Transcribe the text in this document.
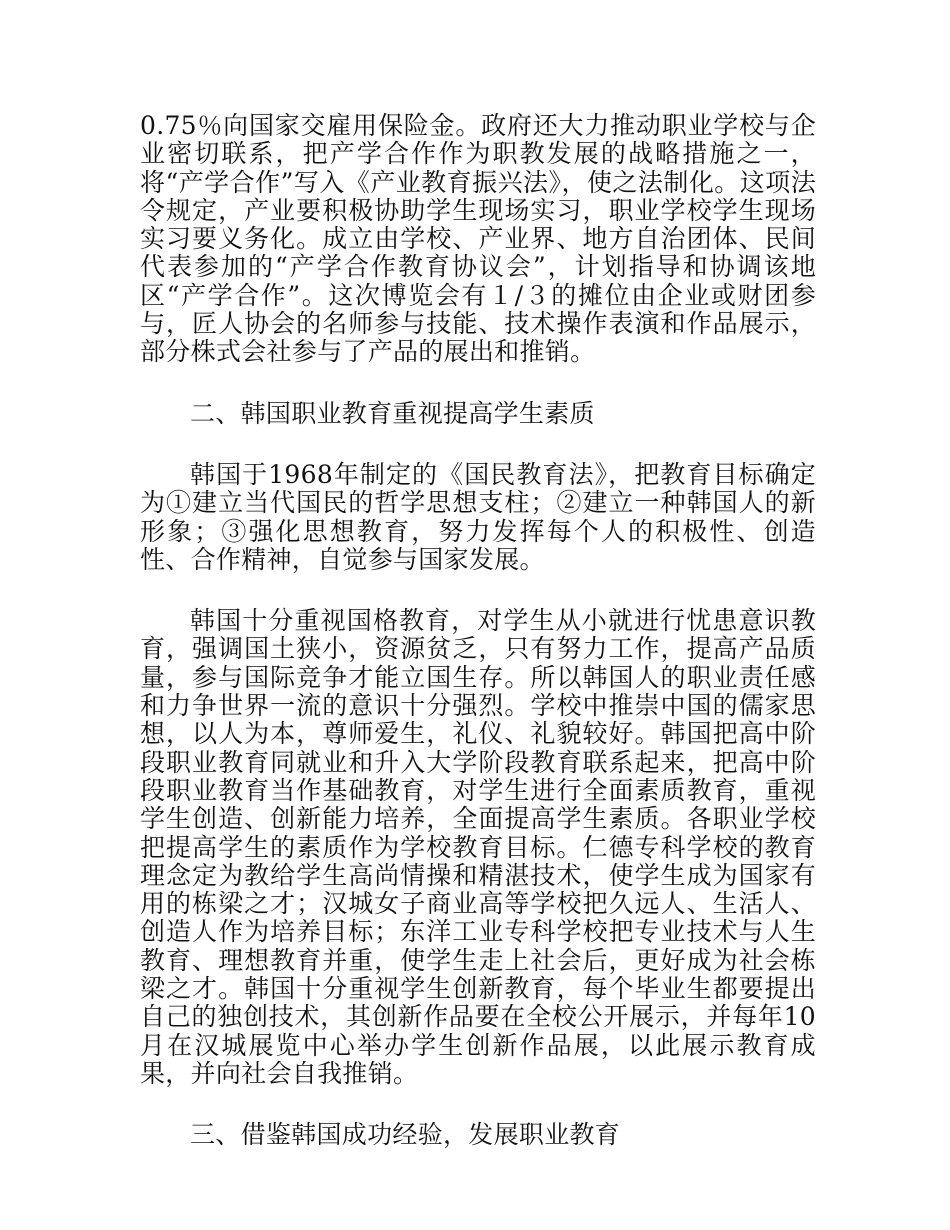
0.75％向国家交雇用保险金。政府还大力推动职业学校与企业密切联系，把产学合作作为职教发展的战略措施之一，将“产学合作”写入《产业教育振兴法》，使之法制化。这项法令规定，产业要积极协助学生现场实习，职业学校学生现场实习要义务化。成立由学校、产业界、地方自治团体、民间代表参加的“产学合作教育协议会”，计划指导和协调该地区“产学合作”。这次博览会有１/３的摊位由企业或财团参与，匠人协会的名师参与技能、技术操作表演和作品展示，部分株式会社参与了产品的展出和推销。

二、韩国职业教育重视提高学生素质

韩国于1968年制定的《国民教育法》，把教育目标确定为①建立当代国民的哲学思想支柱；②建立一种韩国人的新形象；③强化思想教育，努力发挥每个人的积极性、创造性、合作精神，自觉参与国家发展。

韩国十分重视国格教育，对学生从小就进行忧患意识教育，强调国土狭小，资源贫乏，只有努力工作，提高产品质量，参与国际竞争才能立国生存。所以韩国人的职业责任感和力争世界一流的意识十分强烈。学校中推崇中国的儒家思想，以人为本，尊师爱生，礼仪、礼貌较好。韩国把高中阶段职业教育同就业和升入大学阶段教育联系起来，把高中阶段职业教育当作基础教育，对学生进行全面素质教育，重视学生创造、创新能力培养，全面提高学生素质。各职业学校把提高学生的素质作为学校教育目标。仁德专科学校的教育理念定为教给学生高尚情操和精湛技术，使学生成为国家有用的栋梁之才；汉城女子商业高等学校把久远人、生活人、创造人作为培养目标；东洋工业专科学校把专业技术与人生教育、理想教育并重，使学生走上社会后，更好成为社会栋梁之才。韩国十分重视学生创新教育，每个毕业生都要提出自己的独创技术，其创新作品要在全校公开展示，并每年10月在汉城展览中心举办学生创新作品展，以此展示教育成果，并向社会自我推销。

三、借鉴韩国成功经验，发展职业教育
